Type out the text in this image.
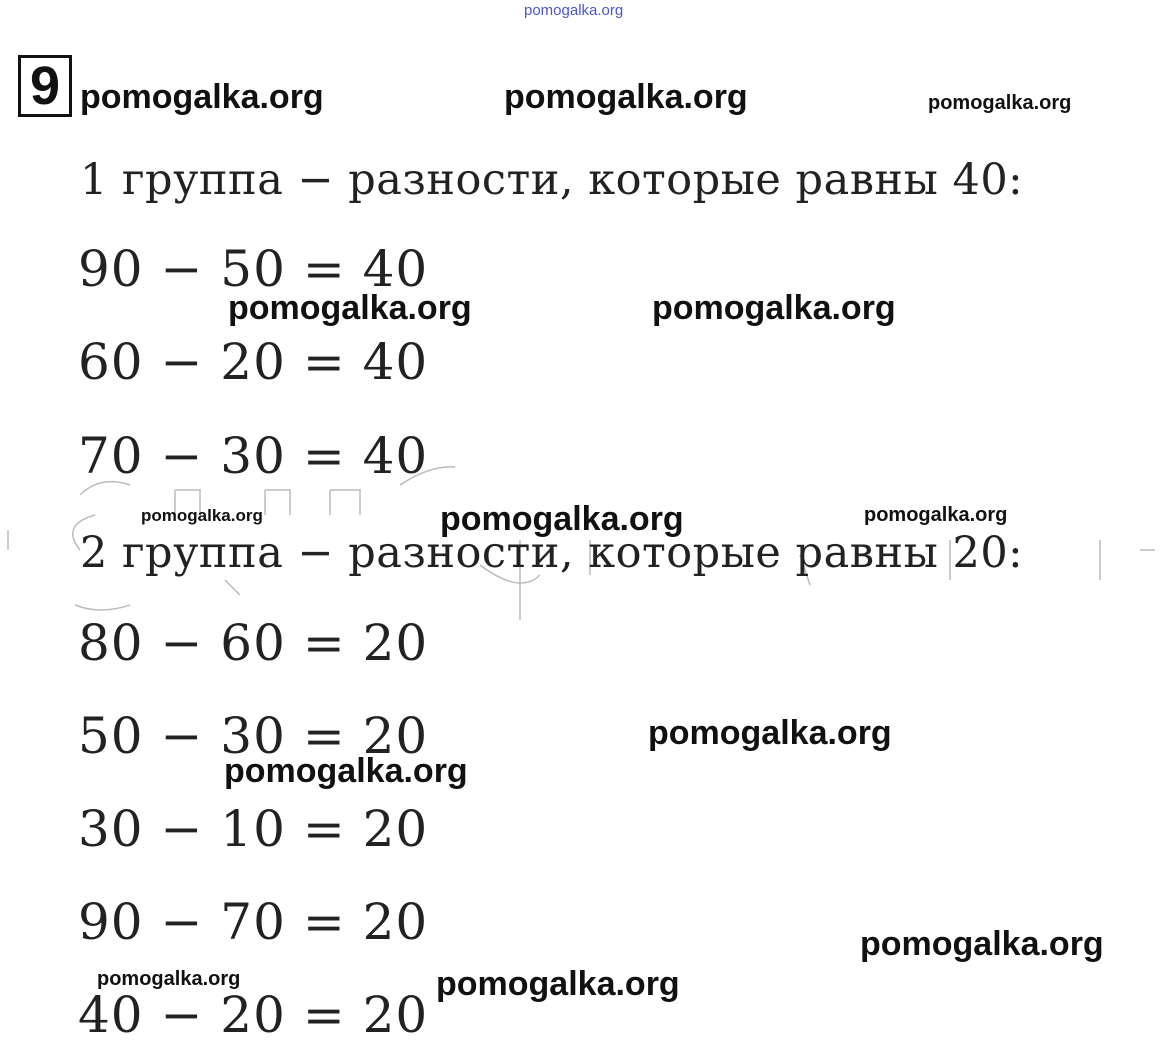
pomogalka.org
9 pomogalka.org	pomogalka.org	pomogalka.org
1 группа − разности, которые равны 40:
90 − 50 = 40
pomogalka.org	pomogalka.org
60 − 20 = 40
70 − 30 = 40
pomogalka.org	pomogalka.org	pomogalka.org
2 группа − разности, которые равны 20:
80 − 60 = 20
pomogalka.org
50 − 30 = 20
pomogalka.org
30 − 10 = 20
90 − 70 = 20	pomogalka.org
pomogalka.org	pomogalka.org
40 − 20 = 20
